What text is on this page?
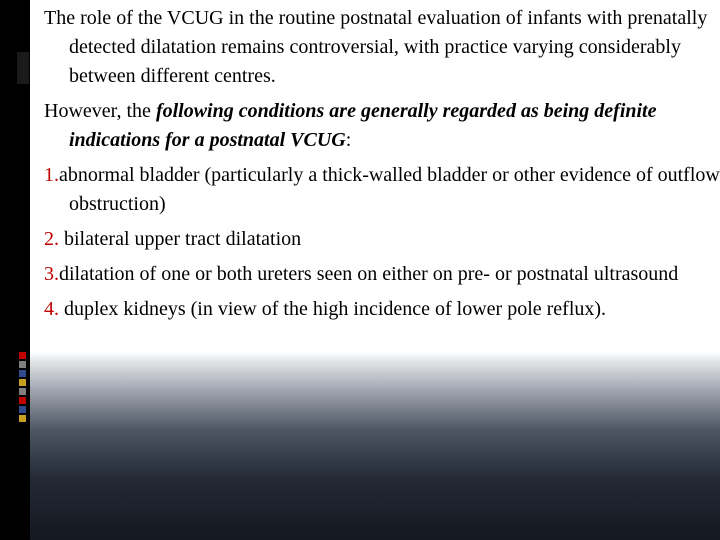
The role of the VCUG in the routine postnatal evaluation of infants with prenatally detected dilatation remains controversial, with practice varying considerably between different centres.

However, the following conditions are generally regarded as being definite indications for a postnatal VCUG:

1.abnormal bladder (particularly a thick-walled bladder or other evidence of outflow obstruction)

2. bilateral upper tract dilatation

3.dilatation of one or both ureters seen on either on pre- or postnatal ultrasound

4. duplex kidneys (in view of the high incidence of lower pole reflux).
